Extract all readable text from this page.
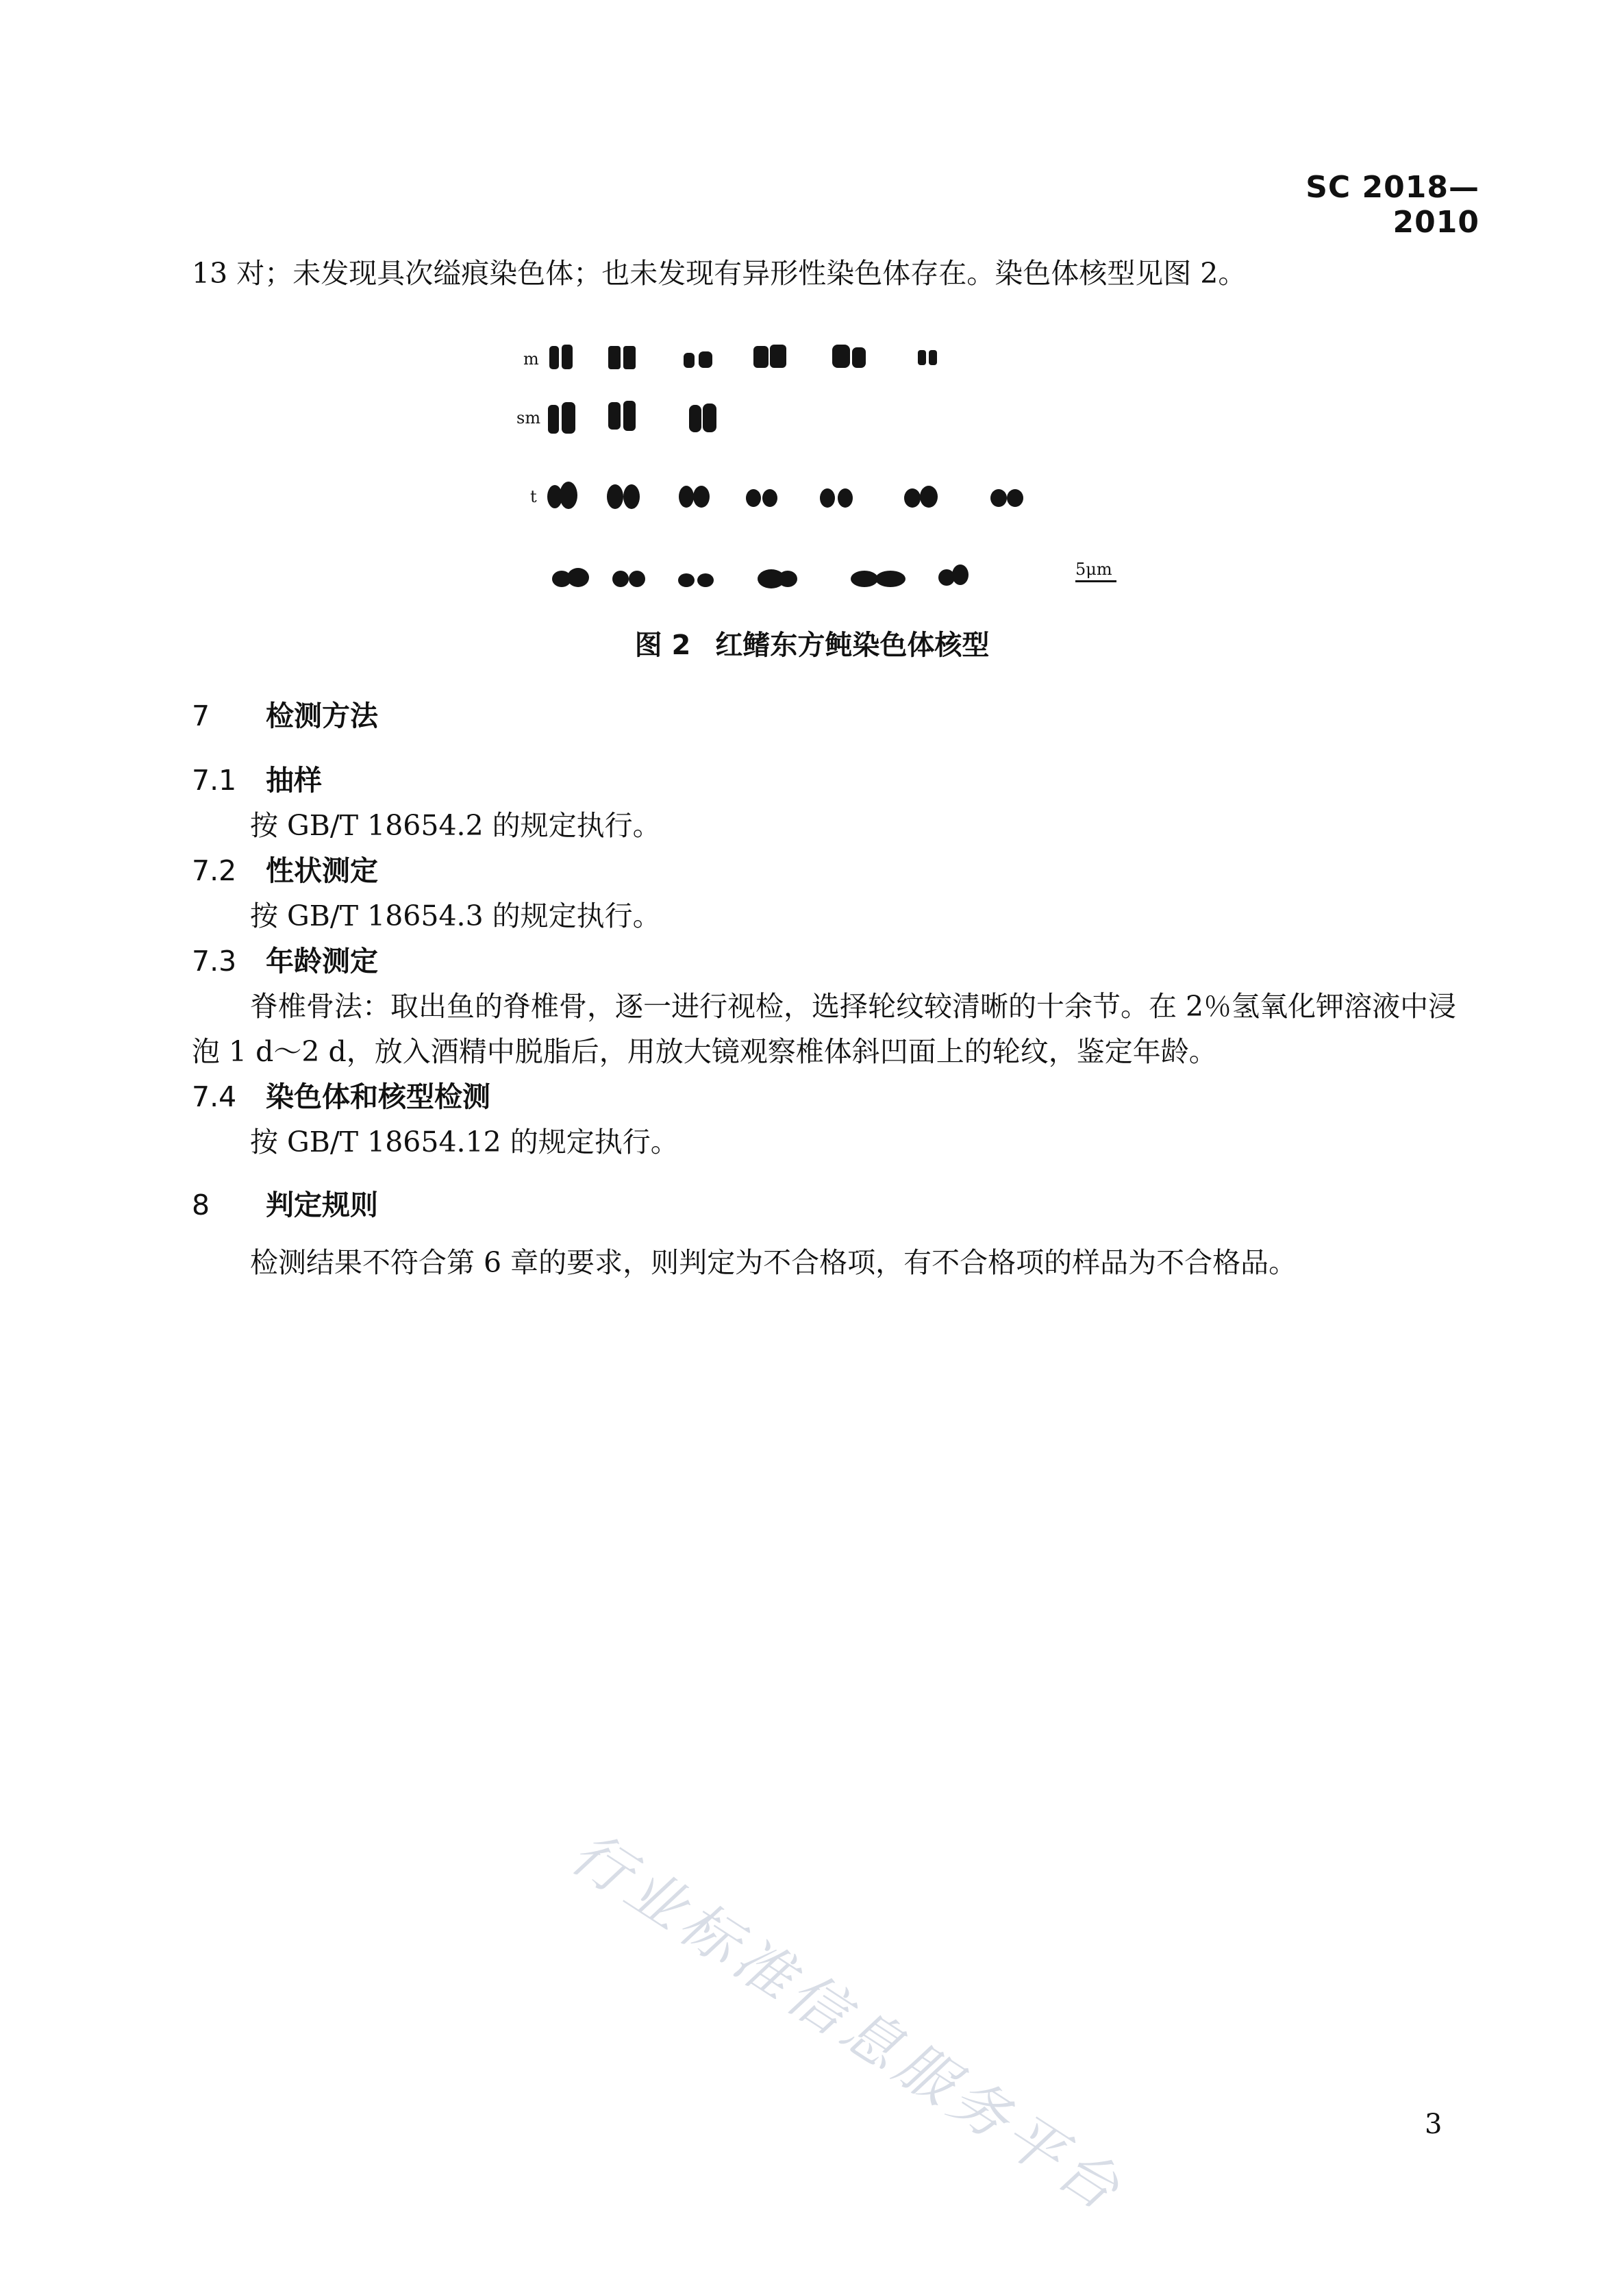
SC 2018—2010
13 对；未发现具次缢痕染色体；也未发现有异形性染色体存在。染色体核型见图 2。
m
sm
t
5μm
图 2 红鳍东方鲀染色体核型
7 检测方法
7.1 抽样
按 GB/T 18654.2 的规定执行。
7.2 性状测定
按 GB/T 18654.3 的规定执行。
7.3 年龄测定
脊椎骨法：取出鱼的脊椎骨，逐一进行视检，选择轮纹较清晰的十余节。在 2％氢氧化钾溶液中浸
泡 1 d～2 d，放入酒精中脱脂后，用放大镜观察椎体斜凹面上的轮纹，鉴定年龄。
7.4 染色体和核型检测
按 GB/T 18654.12 的规定执行。
8 判定规则
检测结果不符合第 6 章的要求，则判定为不合格项，有不合格项的样品为不合格品。
行业标准信息服务平台	3
